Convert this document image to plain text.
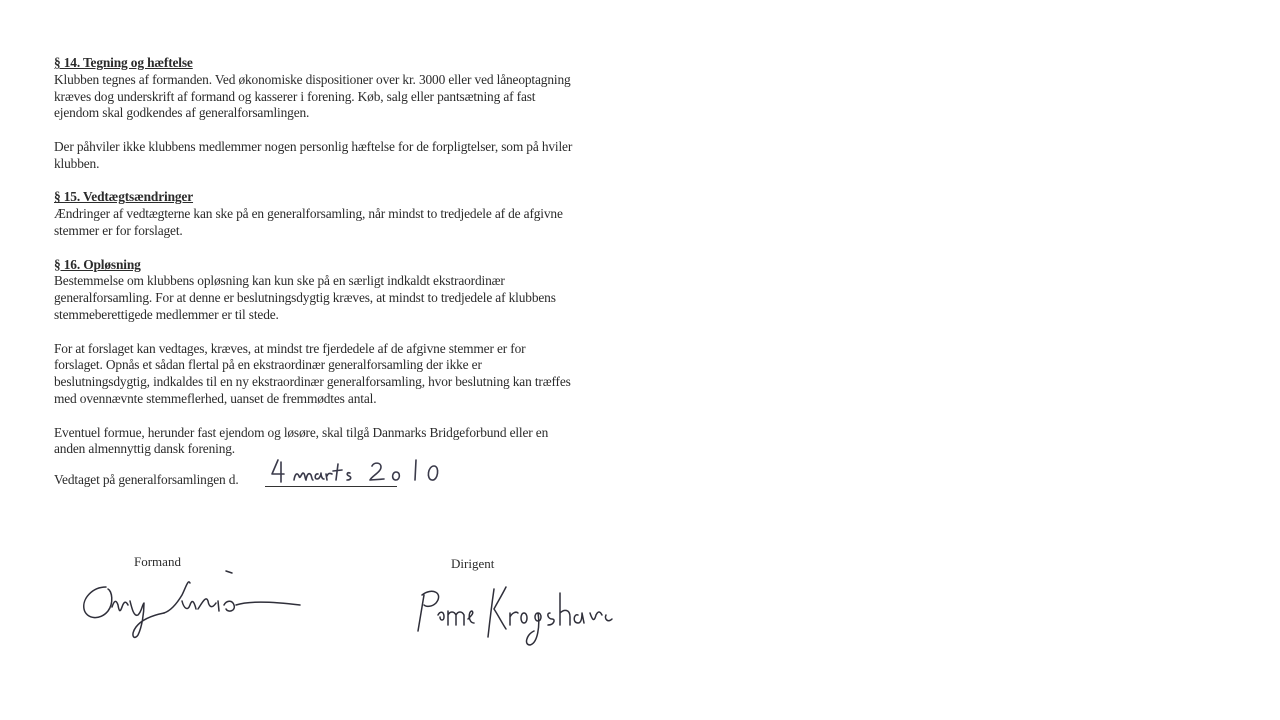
§ 14. Tegning og hæftelse
Klubben tegnes af formanden. Ved økonomiske dispositioner over kr. 3000 eller ved låneoptagning
kræves dog underskrift af formand og kasserer i forening. Køb, salg eller pantsætning af fast
ejendom skal godkendes af generalforsamlingen.
Der påhviler ikke klubbens medlemmer nogen personlig hæftelse for de forpligtelser, som på hviler
klubben.
§ 15. Vedtægtsændringer
Ændringer af vedtægterne kan ske på en generalforsamling, når mindst to tredjedele af de afgivne
stemmer er for forslaget.
§ 16. Opløsning
Bestemmelse om klubbens opløsning kan kun ske på en særligt indkaldt ekstraordinær
generalforsamling. For at denne er beslutningsdygtig kræves, at mindst to tredjedele af klubbens
stemmeberettigede medlemmer er til stede.
For at forslaget kan vedtages, kræves, at mindst tre fjerdedele af de afgivne stemmer er for
forslaget. Opnås et sådan flertal på en ekstraordinær generalforsamling der ikke er
beslutningsdygtig, indkaldes til en ny ekstraordinær generalforsamling, hvor beslutning kan træffes
med ovennævnte stemmeflerhed, uanset de fremmødtes antal.
Eventuel formue, herunder fast ejendom og løsøre, skal tilgå Danmarks Bridgeforbund eller en
anden almennyttig dansk forening.
Vedtaget på generalforsamlingen d.
Formand	Dirigent
